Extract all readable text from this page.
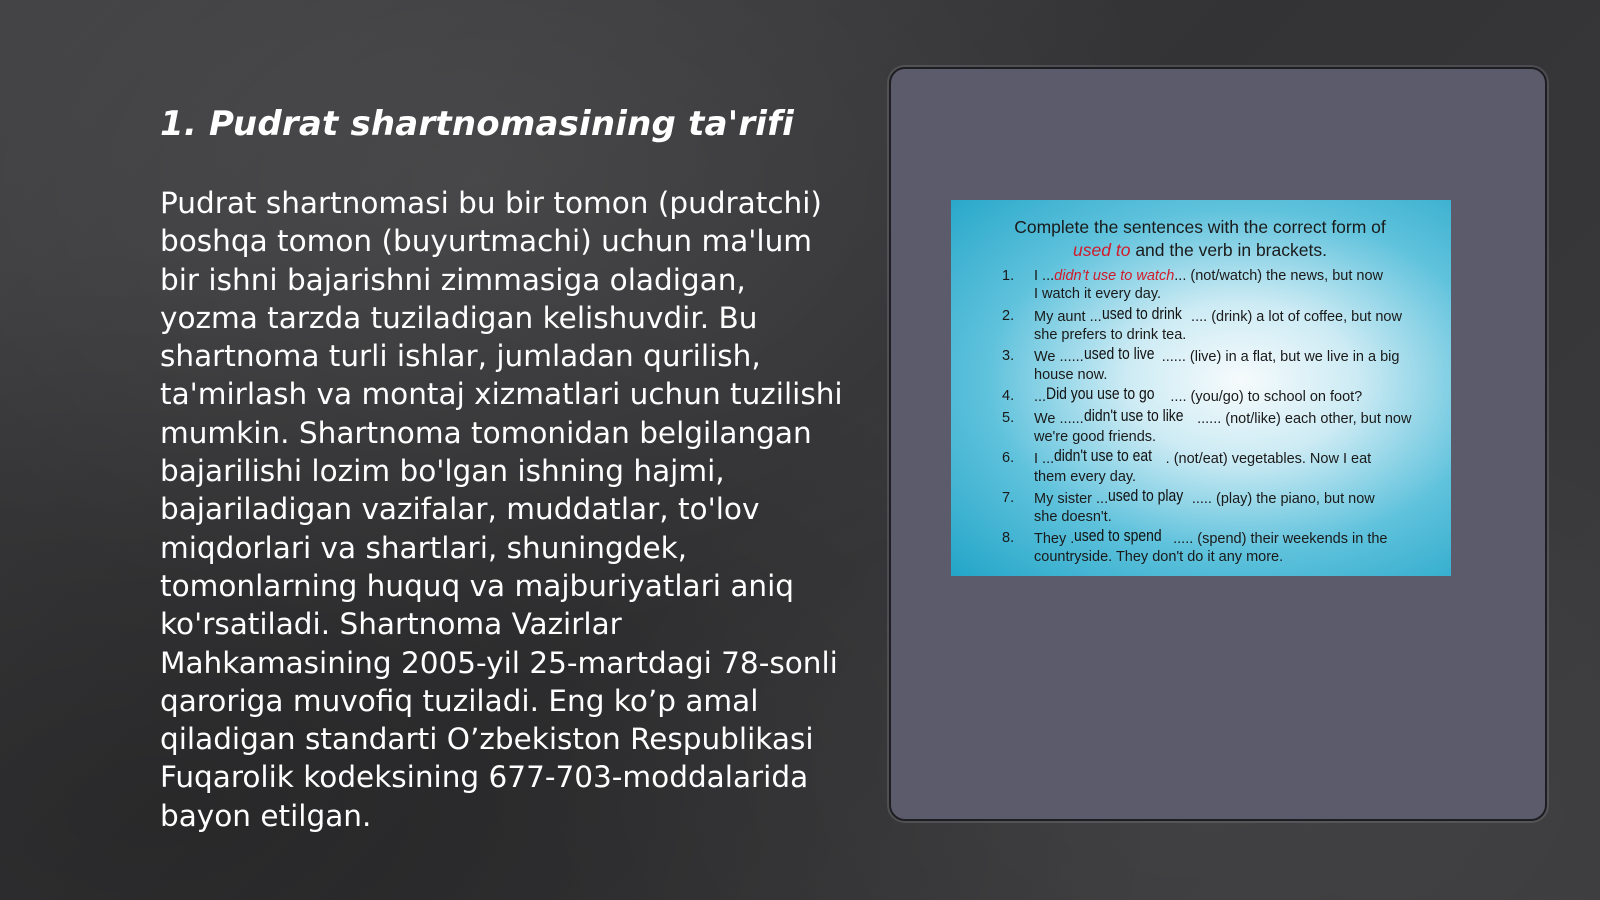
1. Pudrat shartnomasining ta'rifi

Pudrat shartnomasi bu bir tomon (pudratchi) boshqa tomon (buyurtmachi) uchun ma'lum bir ishni bajarishni zimmasiga oladigan, yozma tarzda tuziladigan kelishuvdir. Bu shartnoma turli ishlar, jumladan qurilish, ta'mirlash va montaj xizmatlari uchun tuzilishi mumkin. Shartnoma tomonidan belgilangan bajarilishi lozim bo'lgan ishning hajmi, bajariladigan vazifalar, muddatlar, to'lov miqdorlari va shartlari, shuningdek, tomonlarning huquq va majburiyatlari aniq ko'rsatiladi. Shartnoma Vazirlar Mahkamasining 2005-yil 25-martdagi 78-sonli qaroriga muvofiq tuziladi. Eng ko’p amal qiladigan standarti O’zbekiston Respublikasi Fuqarolik kodeksining 677-703-moddalarida bayon etilgan.

Complete the sentences with the correct form of
used to and the verb in brackets.
1. I ...didn’t use to watch... (not/watch) the news, but now
I watch it every day.
2. My aunt ...used to drink .... (drink) a lot of coffee, but now
she prefers to drink tea.
3. We ......used to live ...... (live) in a flat, but we live in a big
house now.
4. ...Did you use to go .... (you/go) to school on foot?
5. We ......didn't use to like ...... (not/like) each other, but now
we're good friends.
6. I ...didn't use to eat . (not/eat) vegetables. Now I eat
them every day.
7. My sister ...used to play ..... (play) the piano, but now
she doesn't.
8. They .used to spend ..... (spend) their weekends in the
countryside. They don't do it any more.
